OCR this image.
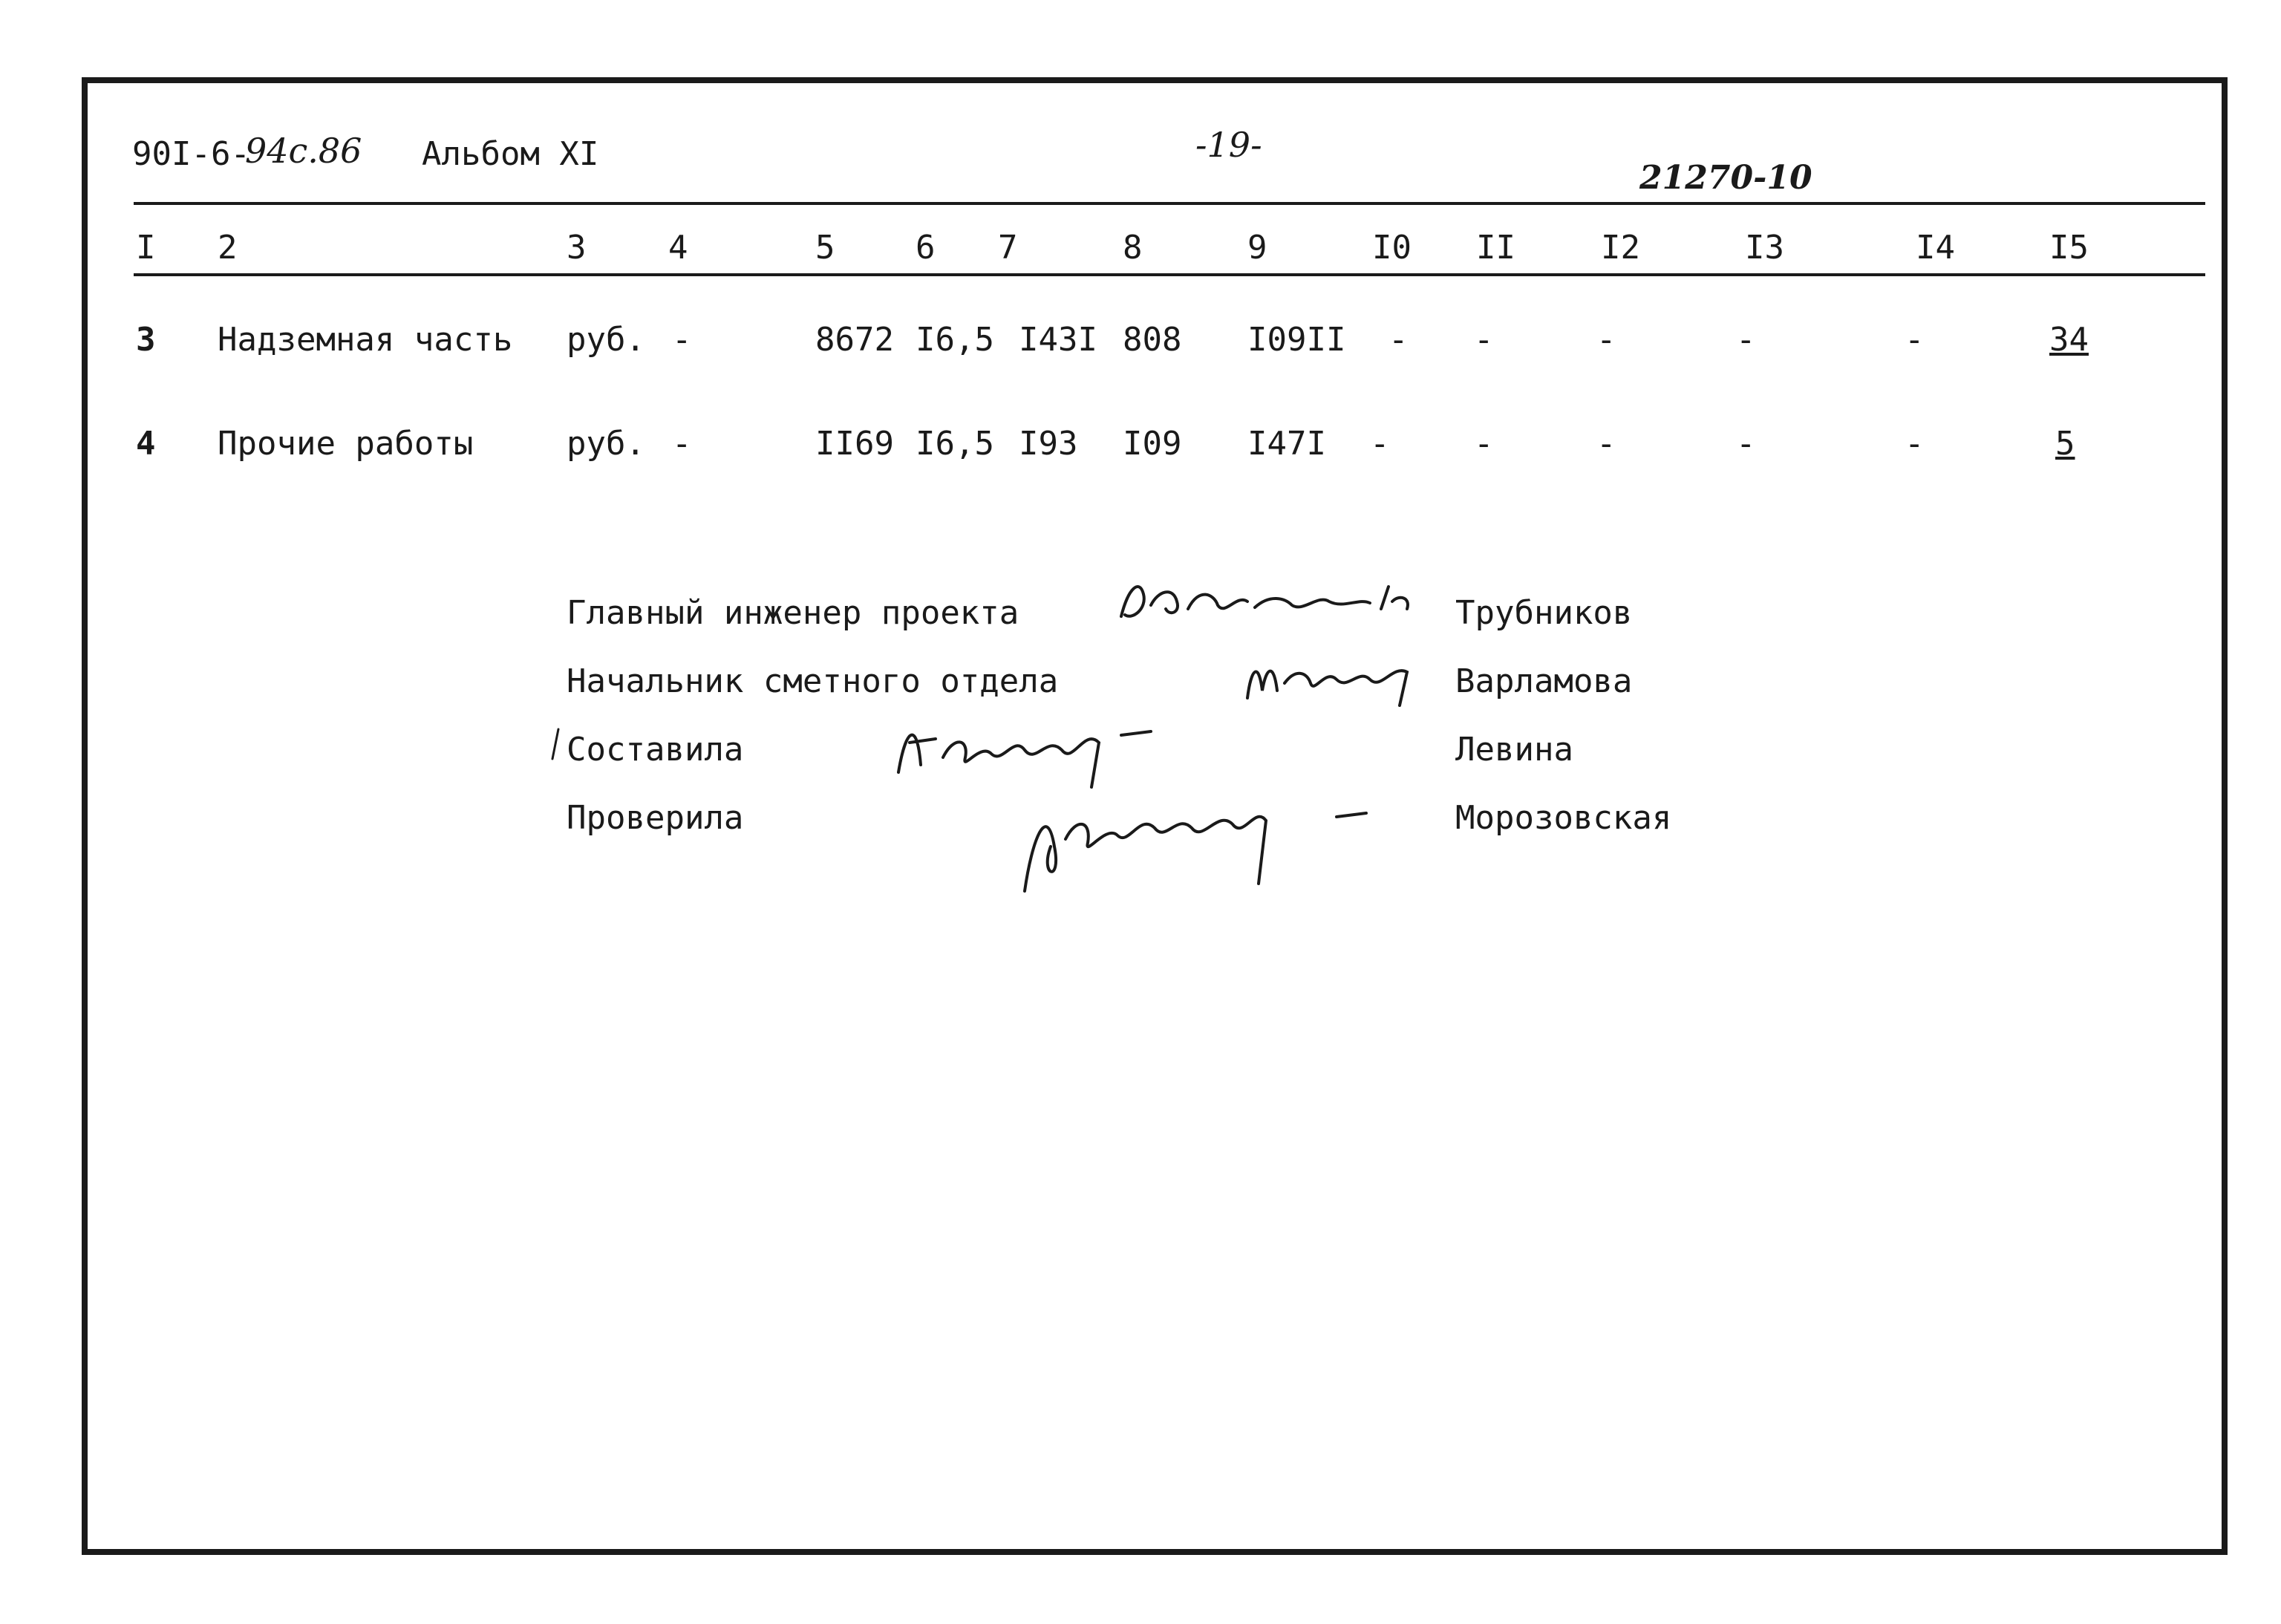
90I-6-
94c.86 Альбом XI	-19-
21270-10
I 2	3	4	5 6 7	8	9	I0 II	I2	I3	I4	I5
3 Надземная часть руб. -	8672 I6,5 I43I 808 I09II - -	-	-	-	34
4 Прочие работы	руб. -	II69 I6,5 I93 I09 I47I -	-	-	-	-	5
Главный инженер проекта	Трубников
Начальник сметного отдела	Варламова
Составила	Левина
Проверила	Морозовская
